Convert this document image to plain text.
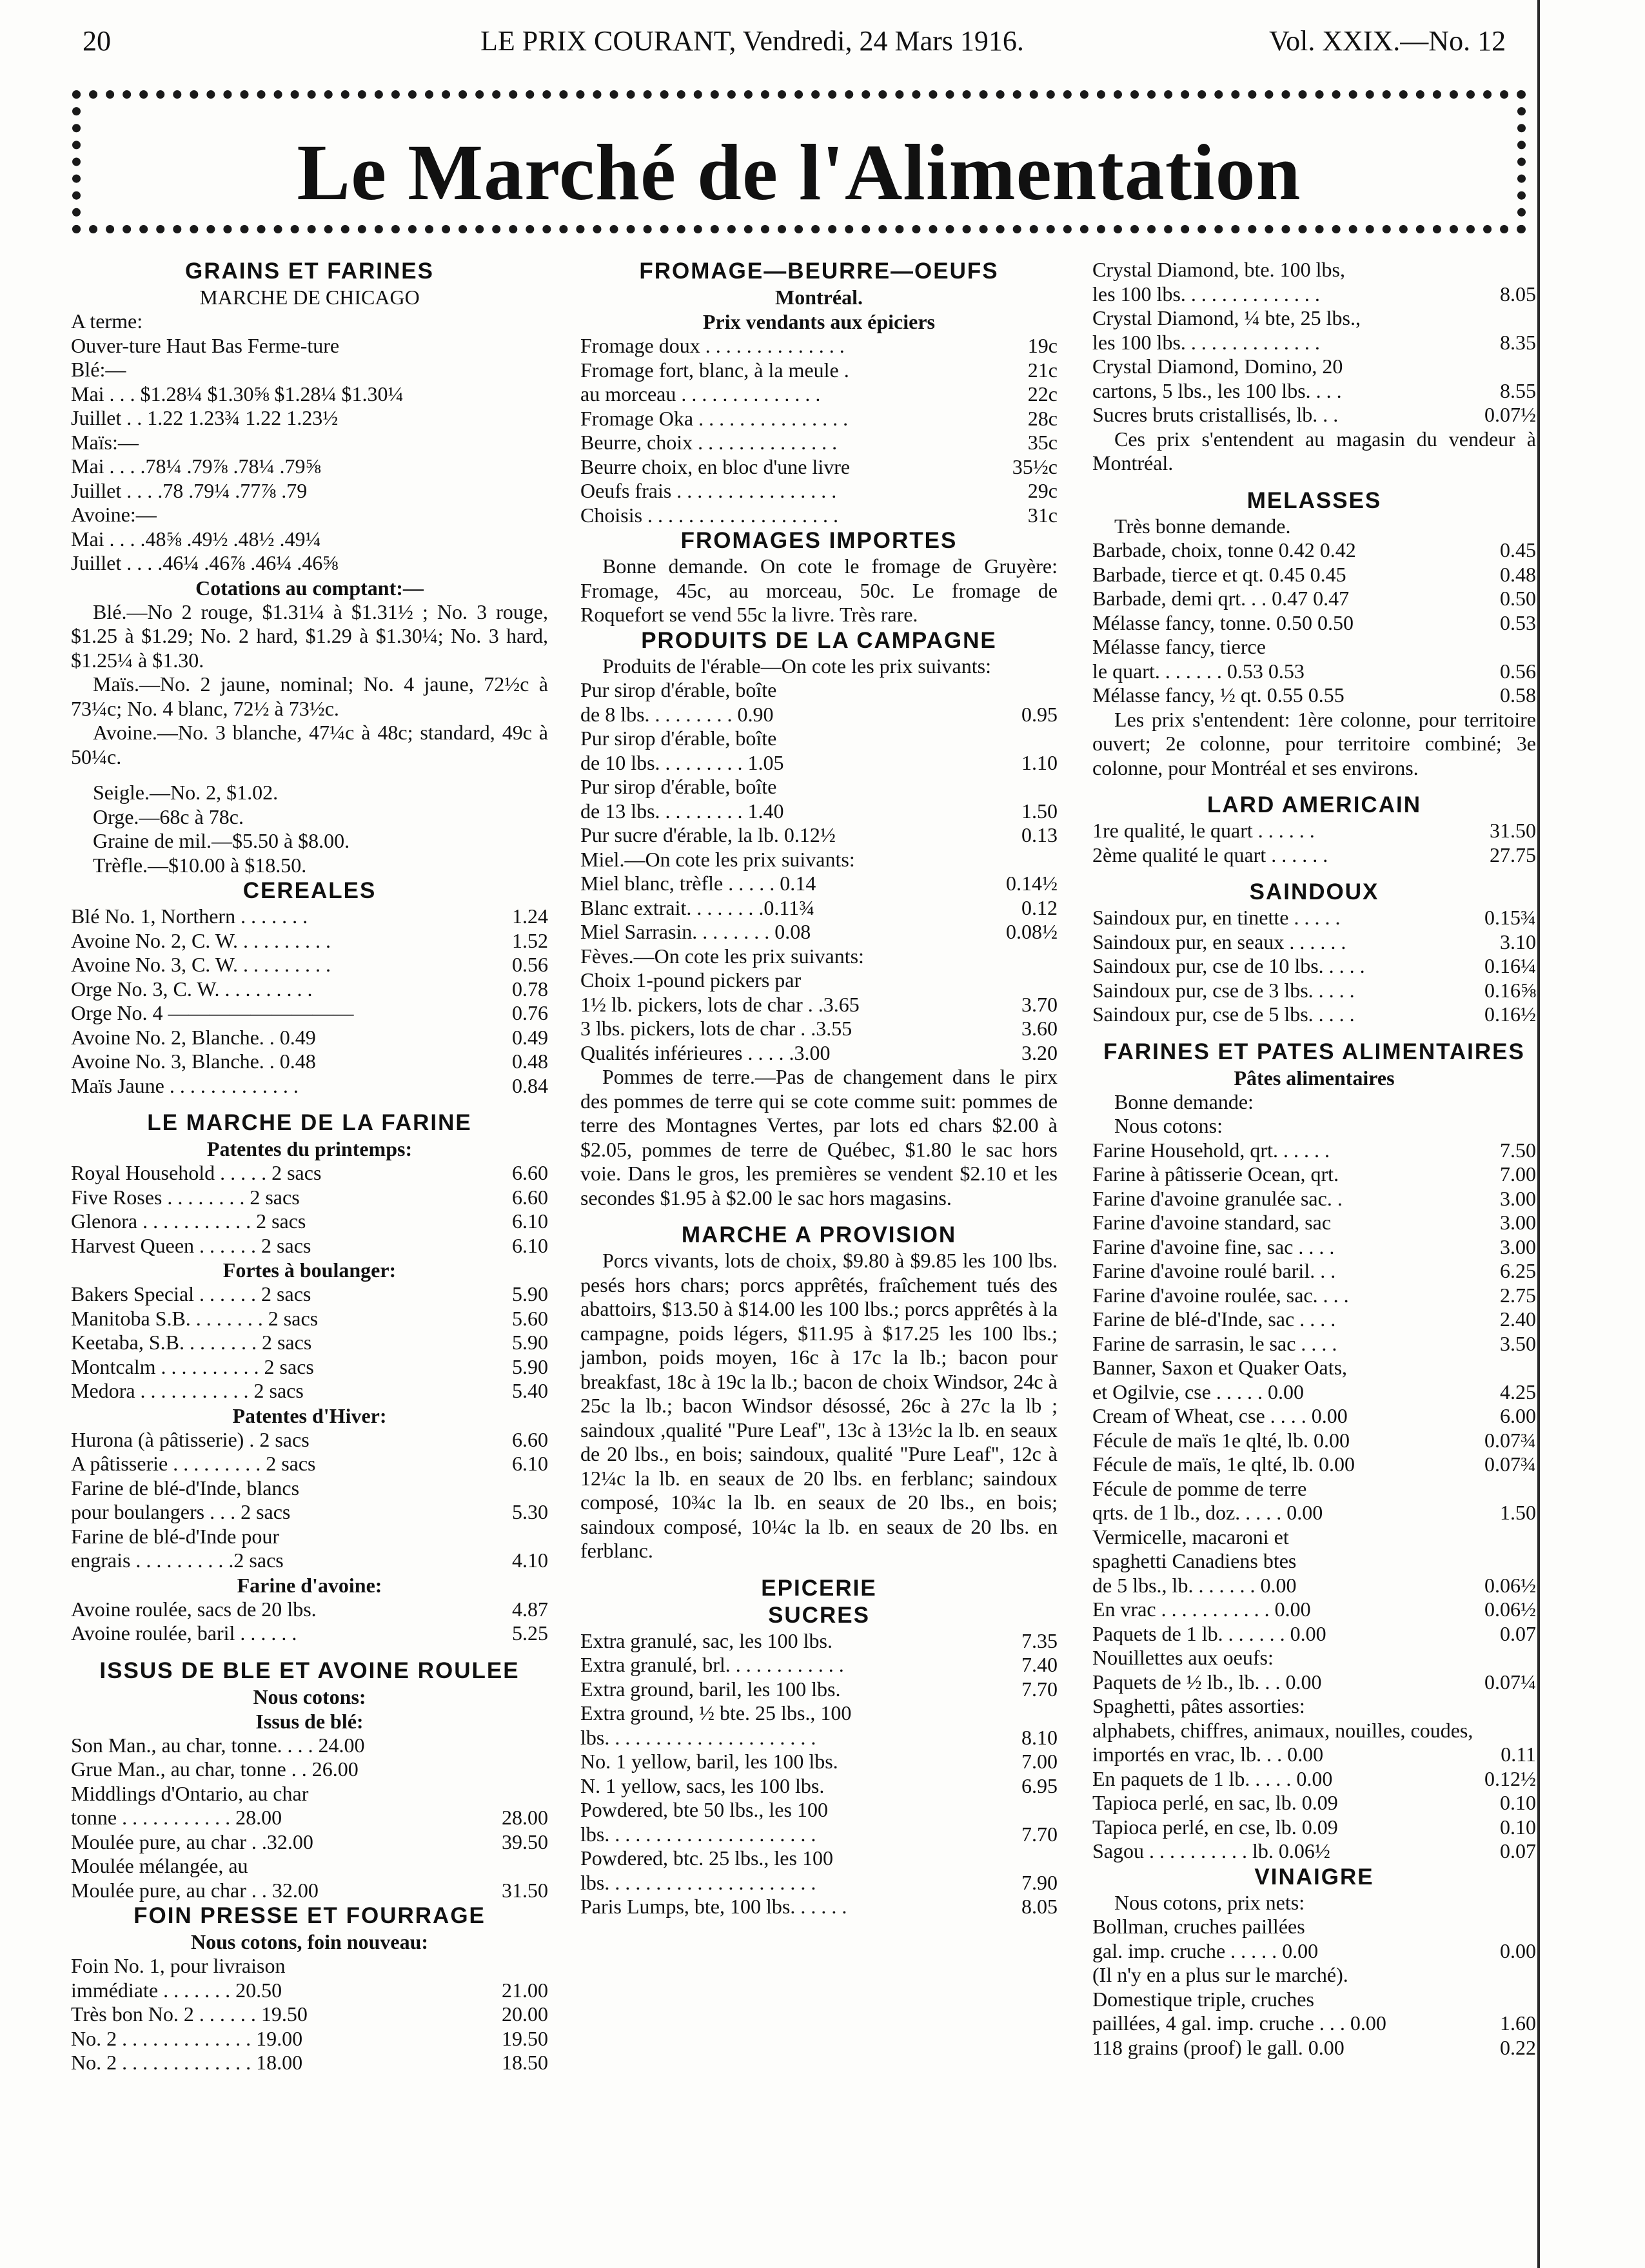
20	LE PRIX COURANT, Vendredi, 24 Mars 1916.	Vol. XXIX.—No. 12
Le Marché de l'Alimentation

GRAINS ET FARINES

MARCHE DE CHICAGO

A terme:

Ouver-ture Haut Bas Ferme-ture

Blé:—
Mai . . . $1.28¼ $1.30⅝ $1.28¼ $1.30¼
Juillet . . 1.22 1.23¾ 1.22 1.23½
Maïs:—
Mai . . . .78¼ .79⅞ .78¼ .79⅝
Juillet . . . .78 .79¼ .77⅞ .79
Avoine:—
Mai . . . .48⅝ .49½ .48½ .49¼
Juillet . . . .46¼ .46⅞ .46¼ .46⅝

Cotations au comptant:—

Blé.—No 2 rouge, $1.31¼ à $1.31½ ; No. 3 rouge, $1.25 à $1.29; No. 2 hard, $1.29 à $1.30¼; No. 3 hard, $1.25¼ à $1.30.

Maïs.—No. 2 jaune, nominal; No. 4 jaune, 72½c à 73¼c; No. 4 blanc, 72½ à 73½c.

Avoine.—No. 3 blanche, 47¼c à 48c; standard, 49c à 50¼c.

Seigle.—No. 2, $1.02.

Orge.—68c à 78c.

Graine de mil.—$5.50 à $8.00.

Trèfle.—$10.00 à $18.50.

CEREALES

1.24
Blé No. 1, Northern . . . . . . .
1.52
Avoine No. 2, C. W. . . . . . . . . .
0.56
Avoine No. 3, C. W. . . . . . . . . .
0.78
Orge No. 3, C. W. . . . . . . . . .
0.76
Orge No. 4 —————————
0.49
Avoine No. 2, Blanche. . 0.49
0.48
Avoine No. 3, Blanche. . 0.48
0.84
Maïs Jaune . . . . . . . . . . . . .

LE MARCHE DE LA FARINE

Patentes du printemps:

6.60
Royal Household . . . . . 2 sacs
6.60
Five Roses . . . . . . . . 2 sacs
6.10
Glenora . . . . . . . . . . . 2 sacs
6.10
Harvest Queen . . . . . . 2 sacs

Fortes à boulanger:

5.90
Bakers Special . . . . . . 2 sacs
5.60
Manitoba S.B. . . . . . . . 2 sacs
5.90
Keetaba, S.B. . . . . . . . 2 sacs
5.90
Montcalm . . . . . . . . . . 2 sacs
5.40
Medora . . . . . . . . . . . 2 sacs

Patentes d'Hiver:

6.60
Hurona (à pâtisserie) . 2 sacs
6.10
A pâtisserie . . . . . . . . . 2 sacs
Farine de blé-d'Inde, blancs
5.30
pour boulangers . . . 2 sacs
Farine de blé-d'Inde pour
4.10
engrais . . . . . . . . . .2 sacs

Farine d'avoine:

4.87
Avoine roulée, sacs de 20 lbs.
5.25
Avoine roulée, baril . . . . . .

ISSUS DE BLE ET AVOINE ROULEE

Nous cotons:

Issus de blé:

Son Man., au char, tonne. . . . 24.00
Grue Man., au char, tonne . . 26.00
Middlings d'Ontario, au char
28.00
tonne . . . . . . . . . . . 28.00
39.50
Moulée pure, au char . .32.00
Moulée mélangée, au
31.50
Moulée pure, au char . . 32.00

FOIN PRESSE ET FOURRAGE

Nous cotons, foin nouveau:

Foin No. 1, pour livraison
21.00
immédiate . . . . . . . 20.50
20.00
Très bon No. 2 . . . . . . 19.50
19.50
No. 2 . . . . . . . . . . . . . 19.00
18.50
No. 2 . . . . . . . . . . . . . 18.00

FROMAGE—BEURRE—OEUFS

Montréal.

Prix vendants aux épiciers

19c
Fromage doux . . . . . . . . . . . . . .
21c
Fromage fort, blanc, à la meule .
22c
au morceau . . . . . . . . . . . . . .
28c
Fromage Oka . . . . . . . . . . . . . . .
35c
Beurre, choix . . . . . . . . . . . . . .
35½c
Beurre choix, en bloc d'une livre
29c
Oeufs frais . . . . . . . . . . . . . . . .
31c
Choisis . . . . . . . . . . . . . . . . . . .

FROMAGES IMPORTES

Bonne demande. On cote le fromage de Gruyère: Fromage, 45c, au morceau, 50c. Le fromage de Roquefort se vend 55c la livre. Très rare.

PRODUITS DE LA CAMPAGNE

Produits de l'érable—On cote les prix suivants:

Pur sirop d'érable, boîte
0.95
de 8 lbs. . . . . . . . . 0.90
Pur sirop d'érable, boîte
1.10
de 10 lbs. . . . . . . . . 1.05
Pur sirop d'érable, boîte
1.50
de 13 lbs. . . . . . . . . 1.40
0.13
Pur sucre d'érable, la lb. 0.12½
Miel.—On cote les prix suivants:
0.14½
Miel blanc, trèfle . . . . . 0.14
0.12
Blanc extrait. . . . . . . .0.11¾
0.08½
Miel Sarrasin. . . . . . . . 0.08
Fèves.—On cote les prix suivants:
Choix 1-pound pickers par
3.70
1½ lb. pickers, lots de char . .3.65
3.60
3 lbs. pickers, lots de char . .3.55
3.20
Qualités inférieures . . . . .3.00

Pommes de terre.—Pas de changement dans le pirx des pommes de terre qui se cote comme suit: pommes de terre des Montagnes Vertes, par lots ed chars $2.00 à $2.05, pommes de terre de Québec, $1.80 le sac hors voie. Dans le gros, les premières se vendent $2.10 et les secondes $1.95 à $2.00 le sac hors magasins.

MARCHE A PROVISION

Porcs vivants, lots de choix, $9.80 à $9.85 les 100 lbs. pesés hors chars; porcs apprêtés, fraîchement tués des abattoirs, $13.50 à $14.00 les 100 lbs.; porcs apprêtés à la campagne, poids légers, $11.95 à $17.25 les 100 lbs.; jambon, poids moyen, 16c à 17c la lb.; bacon pour breakfast, 18c à 19c la lb.; bacon de choix Windsor, 24c à 25c la lb.; bacon Windsor désossé, 26c à 27c la lb ; saindoux ,qualité "Pure Leaf", 13c à 13½c la lb. en seaux de 20 lbs., en bois; saindoux, qualité "Pure Leaf", 12c à 12¼c la lb. en seaux de 20 lbs. en ferblanc; saindoux composé, 10¾c la lb. en seaux de 20 lbs., en bois; saindoux composé, 10¼c la lb. en seaux de 20 lbs. en ferblanc.

EPICERIE

SUCRES

7.35
Extra granulé, sac, les 100 lbs.
7.40
Extra granulé, brl. . . . . . . . . . . .
7.70
Extra ground, baril, les 100 lbs.
Extra ground, ½ bte. 25 lbs., 100
8.10
lbs. . . . . . . . . . . . . . . . . . . . .
7.00
No. 1 yellow, baril, les 100 lbs.
6.95
N. 1 yellow, sacs, les 100 lbs.
Powdered, bte 50 lbs., les 100
7.70
lbs. . . . . . . . . . . . . . . . . . . . .
Powdered, btc. 25 lbs., les 100
7.90
lbs. . . . . . . . . . . . . . . . . . . . .
8.05
Paris Lumps, bte, 100 lbs. . . . . .
Crystal Diamond, bte. 100 lbs,
8.05
les 100 lbs. . . . . . . . . . . . . .
Crystal Diamond, ¼ bte, 25 lbs.,
8.35
les 100 lbs. . . . . . . . . . . . . .
Crystal Diamond, Domino, 20
8.55
cartons, 5 lbs., les 100 lbs. . . .
0.07½
Sucres bruts cristallisés, lb. . .

Ces prix s'entendent au magasin du vendeur à Montréal.

MELASSES

Très bonne demande.

0.45
Barbade, choix, tonne 0.42 0.42
0.48
Barbade, tierce et qt. 0.45 0.45
0.50
Barbade, demi qrt. . . 0.47 0.47
0.53
Mélasse fancy, tonne. 0.50 0.50
Mélasse fancy, tierce
0.56
le quart. . . . . . . 0.53 0.53
0.58
Mélasse fancy, ½ qt. 0.55 0.55

Les prix s'entendent: 1ère colonne, pour territoire ouvert; 2e colonne, pour territoire combiné; 3e colonne, pour Montréal et ses environs.

LARD AMERICAIN

31.50
1re qualité, le quart . . . . . .
27.75
2ème qualité le quart . . . . . .

SAINDOUX

0.15¾
Saindoux pur, en tinette . . . . .
3.10
Saindoux pur, en seaux . . . . . .
0.16¼
Saindoux pur, cse de 10 lbs. . . . .
0.16⅝
Saindoux pur, cse de 3 lbs. . . . .
0.16½
Saindoux pur, cse de 5 lbs. . . . .

FARINES ET PATES ALIMENTAIRES

Pâtes alimentaires

Bonne demande:

Nous cotons:

7.50
Farine Household, qrt. . . . . .
7.00
Farine à pâtisserie Ocean, qrt.
3.00
Farine d'avoine granulée sac. .
3.00
Farine d'avoine standard, sac
3.00
Farine d'avoine fine, sac . . . .
6.25
Farine d'avoine roulé baril. . .
2.75
Farine d'avoine roulée, sac. . . .
2.40
Farine de blé-d'Inde, sac . . . .
3.50
Farine de sarrasin, le sac . . . .
Banner, Saxon et Quaker Oats,
4.25
et Ogilvie, cse . . . . . 0.00
6.00
Cream of Wheat, cse . . . . 0.00
0.07¾
Fécule de maïs 1e qlté, lb. 0.00
0.07¾
Fécule de maïs, 1e qlté, lb. 0.00
Fécule de pomme de terre
1.50
qrts. de 1 lb., doz. . . . . 0.00
Vermicelle, macaroni et
spaghetti Canadiens btes
0.06½
de 5 lbs., lb. . . . . . . 0.00
0.06½
En vrac . . . . . . . . . . . 0.00
0.07
Paquets de 1 lb. . . . . . . 0.00
Nouillettes aux oeufs:
0.07¼
Paquets de ½ lb., lb. . . 0.00
Spaghetti, pâtes assorties:
alphabets, chiffres, animaux, nouilles, coudes,
0.11
importés en vrac, lb. . . 0.00
0.12½
En paquets de 1 lb. . . . . 0.00
0.10
Tapioca perlé, en sac, lb. 0.09
0.10
Tapioca perlé, en cse, lb. 0.09
0.07
Sagou . . . . . . . . . . lb. 0.06½

VINAIGRE

Nous cotons, prix nets:

Bollman, cruches paillées
0.00
gal. imp. cruche . . . . . 0.00
(Il n'y en a plus sur le marché).
Domestique triple, cruches
1.60
paillées, 4 gal. imp. cruche . . . 0.00
0.22
118 grains (proof) le gall. 0.00
